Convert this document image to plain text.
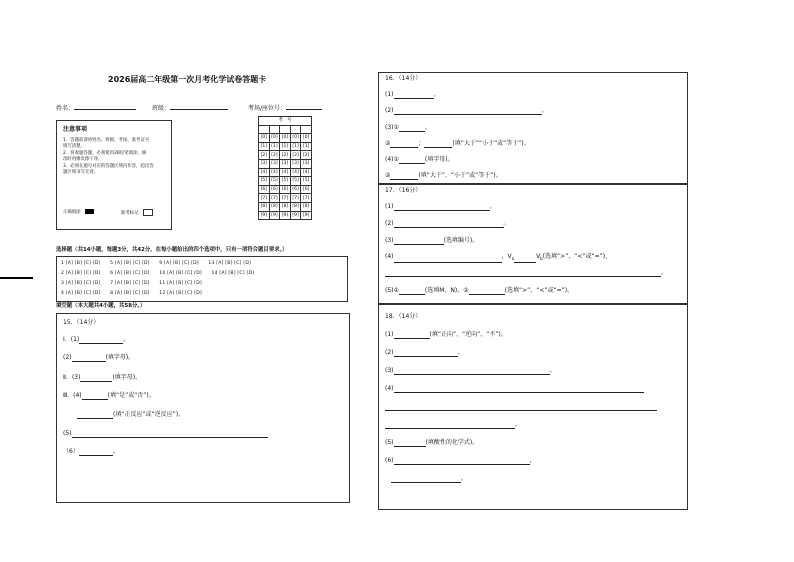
2026届高二年级第一次月考化学试卷答题卡
姓名：	班级：	考场/座位号：
注意事项
1．答题前请将姓名、班级、考场、准考证号
填写清楚。
2．客观题答题，必须使用2B铅笔填涂，修
改时用橡皮擦干净。
3．必须在题号对应的答题区域内作答，超出答
题区域书写无效。
正确填涂	缺考标记
考　号				

[0]	[0]	[0]	[0]	[0]
[1]	[1]	[1]	[1]	[1]
[2]	[2]	[2]	[2]	[2]
[3]	[3]	[3]	[3]	[3]
[4]	[4]	[4]	[4]	[4]
[5]	[5]	[5]	[5]	[5]
[6]	[6]	[6]	[6]	[6]
[7]	[7]	[7]	[7]	[7]
[8]	[8]	[8]	[8]	[8]
[9]	[9]	[9]	[9]	[9]
选择题（共14小题，每题3分，共42分，在每小题给出的四个选项中，只有一项符合题目要求。）
1 [A] [B] [C] [D]　　5 [A] [B] [C] [D]　　9 [A] [B] [C] [D]　　13 [A] [B] [C] [D]
2 [A] [B] [C] [D]　　6 [A] [B] [C] [D]　　10 [A] [B] [C] [D]　　14 [A] [B] [C] [D]
3 [A] [B] [C] [D]　　7 [A] [B] [C] [D]　　11 [A] [B] [C] [D]
4 [A] [B] [C] [D]　　8 [A] [B] [C] [D]　　12 [A] [B] [C] [D]
填空题（本大题共4小题，共58分。）
15．（14分）
Ⅰ．(1)	。
(2)	(填字母)。
Ⅱ．(3)	(填字母)。
Ⅲ．(4)	(填“是”或“否”)。
(填“正反应”或“逆反应”)。
(5)
（6）	。
16．（14分）
(1)	。
(2)	。
(3)①	。
②	；	(填“大于”“小于”或“等于”)。
(4)①	(填字母)。
②	(填“大于”、“小于”或“等于”)。
17．（16分）
(1)	。
(2)	。
(3)	(选填编号)。
(4)	，$V_a$	$V_b$(选填“>”、“<”或“=”)，
。
(5)①	(选填M、N)。②	(选填“>”、“<”或“=”)。
18．（14分）
(1)	(填“正向”、“逆向”、“不”)。
(2)	。
(3)	。
(4)
。
(5)	(填酸性的化学式)。
(6)	，
。
